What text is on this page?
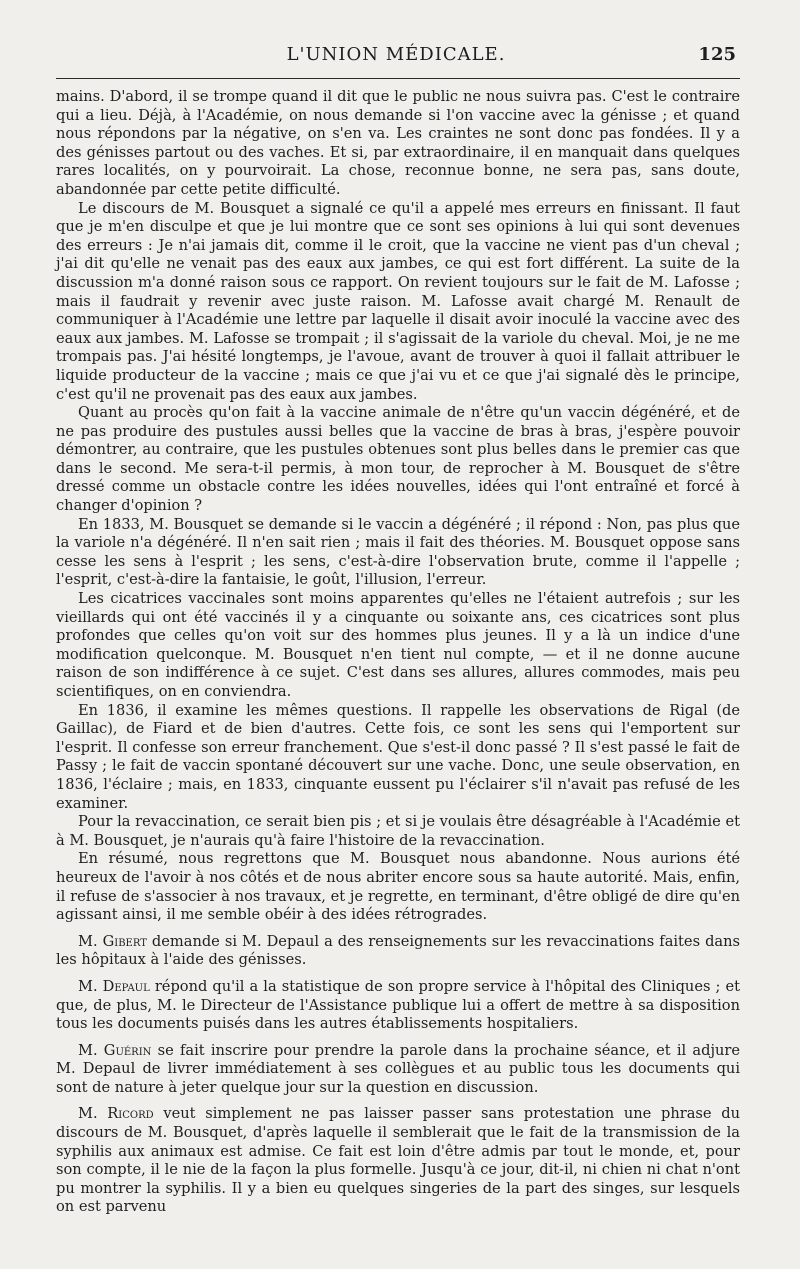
L'UNION MÉDICALE.	125

mains. D'abord, il se trompe quand il dit que le public ne nous suivra pas. C'est le contraire qui a lieu. Déjà, à l'Académie, on nous demande si l'on vaccine avec la génisse ; et quand nous répondons par la négative, on s'en va. Les craintes ne sont donc pas fondées. Il y a des génisses partout ou des vaches. Et si, par extraordinaire, il en manquait dans quelques rares localités, on y pourvoirait. La chose, reconnue bonne, ne sera pas, sans doute, abandonnée par cette petite difficulté.

Le discours de M. Bousquet a signalé ce qu'il a appelé mes erreurs en finissant. Il faut que je m'en disculpe et que je lui montre que ce sont ses opinions à lui qui sont devenues des erreurs : Je n'ai jamais dit, comme il le croit, que la vaccine ne vient pas d'un cheval ; j'ai dit qu'elle ne venait pas des eaux aux jambes, ce qui est fort différent. La suite de la discussion m'a donné raison sous ce rapport. On revient toujours sur le fait de M. Lafosse ; mais il faudrait y revenir avec juste raison. M. Lafosse avait chargé M. Renault de communiquer à l'Académie une lettre par laquelle il disait avoir inoculé la vaccine avec des eaux aux jambes. M. Lafosse se trompait ; il s'agissait de la variole du cheval. Moi, je ne me trompais pas. J'ai hésité longtemps, je l'avoue, avant de trouver à quoi il fallait attribuer le liquide producteur de la vaccine ; mais ce que j'ai vu et ce que j'ai signalé dès le principe, c'est qu'il ne provenait pas des eaux aux jambes.

Quant au procès qu'on fait à la vaccine animale de n'être qu'un vaccin dégénéré, et de ne pas produire des pustules aussi belles que la vaccine de bras à bras, j'espère pouvoir démontrer, au contraire, que les pustules obtenues sont plus belles dans le premier cas que dans le second. Me sera-t-il permis, à mon tour, de reprocher à M. Bousquet de s'être dressé comme un obstacle contre les idées nouvelles, idées qui l'ont entraîné et forcé à changer d'opinion ?

En 1833, M. Bousquet se demande si le vaccin a dégénéré ; il répond : Non, pas plus que la variole n'a dégénéré. Il n'en sait rien ; mais il fait des théories. M. Bousquet oppose sans cesse les sens à l'esprit ; les sens, c'est-à-dire l'observation brute, comme il l'appelle ; l'esprit, c'est-à-dire la fantaisie, le goût, l'illusion, l'erreur.

Les cicatrices vaccinales sont moins apparentes qu'elles ne l'étaient autrefois ; sur les vieillards qui ont été vaccinés il y a cinquante ou soixante ans, ces cicatrices sont plus profondes que celles qu'on voit sur des hommes plus jeunes. Il y a là un indice d'une modification quelconque. M. Bousquet n'en tient nul compte, — et il ne donne aucune raison de son indifférence à ce sujet. C'est dans ses allures, allures commodes, mais peu scientifiques, on en conviendra.

En 1836, il examine les mêmes questions. Il rappelle les observations de Rigal (de Gaillac), de Fiard et de bien d'autres. Cette fois, ce sont les sens qui l'emportent sur l'esprit. Il confesse son erreur franchement. Que s'est-il donc passé ? Il s'est passé le fait de Passy ; le fait de vaccin spontané découvert sur une vache. Donc, une seule observation, en 1836, l'éclaire ; mais, en 1833, cinquante eussent pu l'éclairer s'il n'avait pas refusé de les examiner.

Pour la revaccination, ce serait bien pis ; et si je voulais être désagréable à l'Académie et à M. Bousquet, je n'aurais qu'à faire l'histoire de la revaccination.

En résumé, nous regrettons que M. Bousquet nous abandonne. Nous aurions été heureux de l'avoir à nos côtés et de nous abriter encore sous sa haute autorité. Mais, enfin, il refuse de s'associer à nos travaux, et je regrette, en terminant, d'être obligé de dire qu'en agissant ainsi, il me semble obéir à des idées rétrogrades.

M. Gibert demande si M. Depaul a des renseignements sur les revaccinations faites dans les hôpitaux à l'aide des génisses.

M. Depaul répond qu'il a la statistique de son propre service à l'hôpital des Cliniques ; et que, de plus, M. le Directeur de l'Assistance publique lui a offert de mettre à sa disposition tous les documents puisés dans les autres établissements hospitaliers.

M. Guérin se fait inscrire pour prendre la parole dans la prochaine séance, et il adjure M. Depaul de livrer immédiatement à ses collègues et au public tous les documents qui sont de nature à jeter quelque jour sur la question en discussion.

M. Ricord veut simplement ne pas laisser passer sans protestation une phrase du discours de M. Bousquet, d'après laquelle il semblerait que le fait de la transmission de la syphilis aux animaux est admise. Ce fait est loin d'être admis par tout le monde, et, pour son compte, il le nie de la façon la plus formelle. Jusqu'à ce jour, dit-il, ni chien ni chat n'ont pu montrer la syphilis. Il y a bien eu quelques singeries de la part des singes, sur lesquels on est parvenu
